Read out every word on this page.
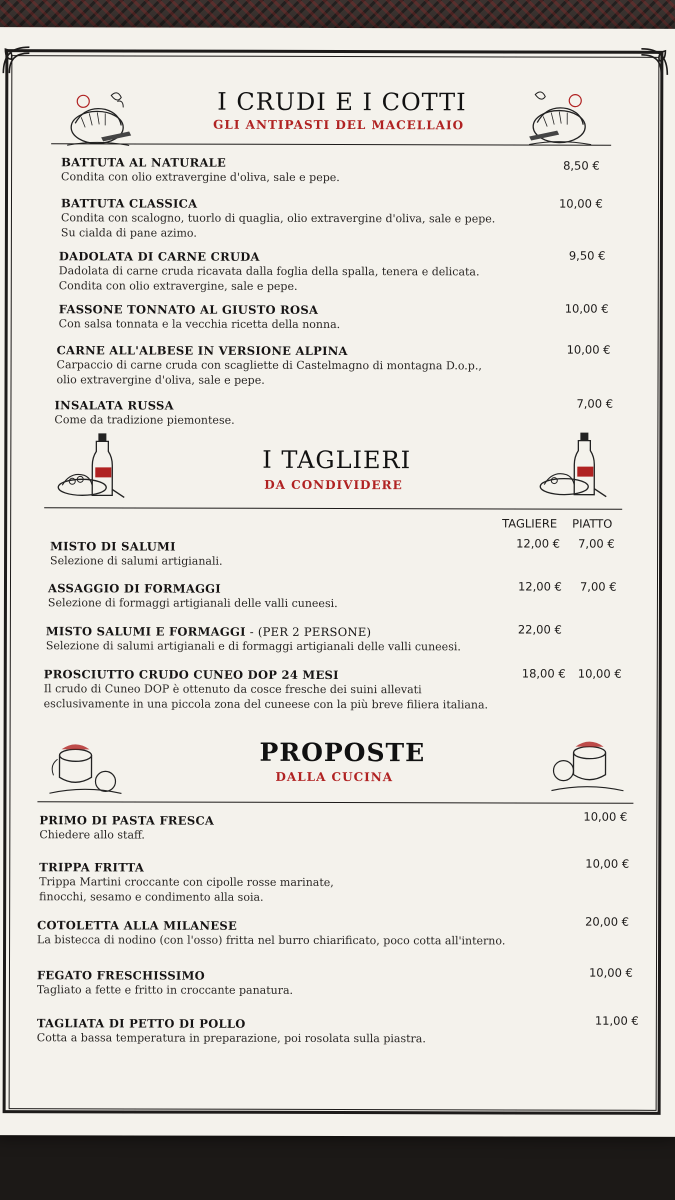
I CRUDI E I COTTI
GLI ANTIPASTI DEL MACELLAIO
BATTUTA AL NATURALE
Condita con olio extravergine d'oliva, sale e pepe.
8,50 €
BATTUTA CLASSICA
Condita con scalogno, tuorlo di quaglia, olio extravergine d'oliva, sale e pepe.
Su cialda di pane azimo.
10,00 €
DADOLATA DI CARNE CRUDA
Dadolata di carne cruda ricavata dalla foglia della spalla, tenera e delicata.
Condita con olio extravergine, sale e pepe.
9,50 €
FASSONE TONNATO AL GIUSTO ROSA
Con salsa tonnata e la vecchia ricetta della nonna.
10,00 €
CARNE ALL'ALBESE IN VERSIONE ALPINA
Carpaccio di carne cruda con scagliette di Castelmagno di montagna D.o.p.,
olio extravergine d'oliva, sale e pepe.
10,00 €
INSALATA RUSSA
Come da tradizione piemontese.
7,00 €
I TAGLIERI
DA CONDIVIDERE
TAGLIERE PIATTO
MISTO DI SALUMI
Selezione di salumi artigianali.
12,00 € 7,00 €
ASSAGGIO DI FORMAGGI
Selezione di formaggi artigianali delle valli cuneesi.
12,00 € 7,00 €
MISTO SALUMI E FORMAGGI - (PER 2 PERSONE)
Selezione di salumi artigianali e di formaggi artigianali delle valli cuneesi.
22,00 €
PROSCIUTTO CRUDO CUNEO DOP 24 MESI
Il crudo di Cuneo DOP è ottenuto da cosce fresche dei suini allevati
esclusivamente in una piccola zona del cuneese con la più breve filiera italiana.
18,00 € 10,00 €
PROPOSTE
DALLA CUCINA
PRIMO DI PASTA FRESCA
Chiedere allo staff.
10,00 €
TRIPPA FRITTA
Trippa Martini croccante con cipolle rosse marinate,
finocchi, sesamo e condimento alla soia.
10,00 €
COTOLETTA ALLA MILANESE
La bistecca di nodino (con l'osso) fritta nel burro chiarificato, poco cotta all'interno.
20,00 €
FEGATO FRESCHISSIMO
Tagliato a fette e fritto in croccante panatura.
10,00 €
TAGLIATA DI PETTO DI POLLO
Cotta a bassa temperatura in preparazione, poi rosolata sulla piastra.
11,00 €
